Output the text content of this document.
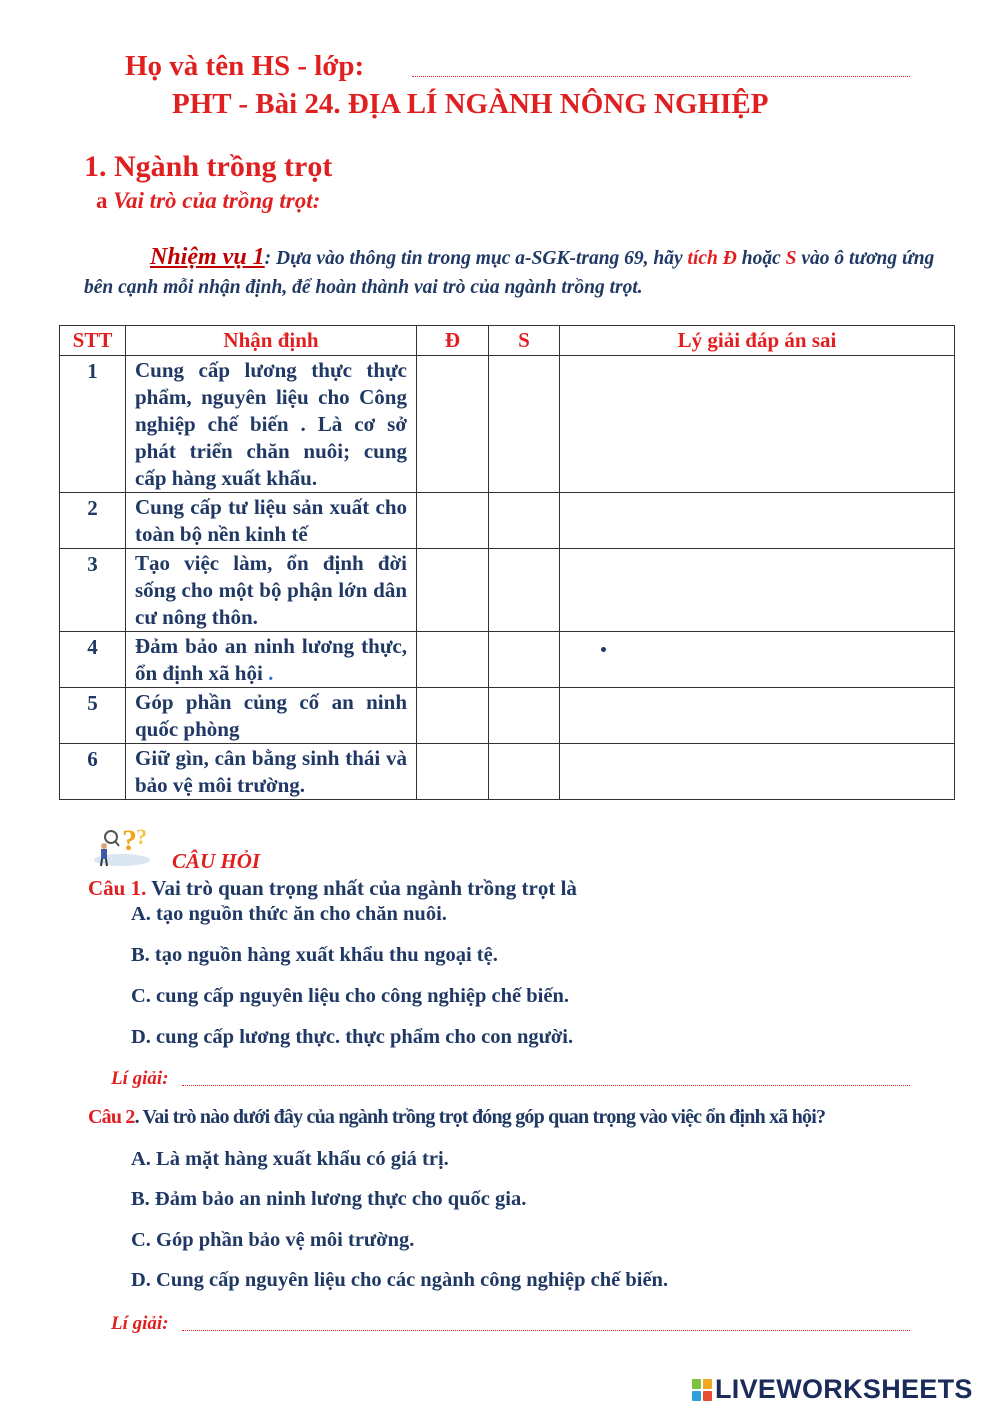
Họ và tên HS - lớp:
PHT - Bài 24. ĐỊA LÍ NGÀNH NÔNG NGHIỆP
1. Ngành trồng trọt
a Vai trò của trồng trọt:
Nhiệm vụ 1: Dựa vào thông tin trong mục a-SGK-trang 69, hãy tích Đ hoặc S vào ô tương ứng bên cạnh mỗi nhận định, để hoàn thành vai trò của ngành trồng trọt.
STT	Nhận định	Đ	S	Lý giải đáp án sai
1	Cung cấp lương thực thực phẩm, nguyên liệu cho Công nghiệp chế biến . Là cơ sở phát triển chăn nuôi; cung cấp hàng xuất khẩu.			
2	Cung cấp tư liệu sản xuất cho toàn bộ nền kinh tế			
3	Tạo việc làm, ổn định đời sống cho một bộ phận lớn dân cư nông thôn.			
4	Đảm bảo an ninh lương thực, ổn định xã hội .			
5	Góp phần củng cố an ninh quốc phòng			
6	Giữ gìn, cân bằng sinh thái và bảo vệ môi trường.			
? ?
CÂU HỎI
Câu 1. Vai trò quan trọng nhất của ngành trồng trọt là
A. tạo nguồn thức ăn cho chăn nuôi.
B. tạo nguồn hàng xuất khẩu thu ngoại tệ.
C. cung cấp nguyên liệu cho công nghiệp chế biến.
D. cung cấp lương thực. thực phẩm cho con người.
Lí giải:
Câu 2. Vai trò nào dưới đây của ngành trồng trọt đóng góp quan trọng vào việc ổn định xã hội?
A. Là mặt hàng xuất khẩu có giá trị.
B. Đảm bảo an ninh lương thực cho quốc gia.
C. Góp phần bảo vệ môi trường.
D. Cung cấp nguyên liệu cho các ngành công nghiệp chế biến.
Lí giải:
LIVEWORKSHEETS
